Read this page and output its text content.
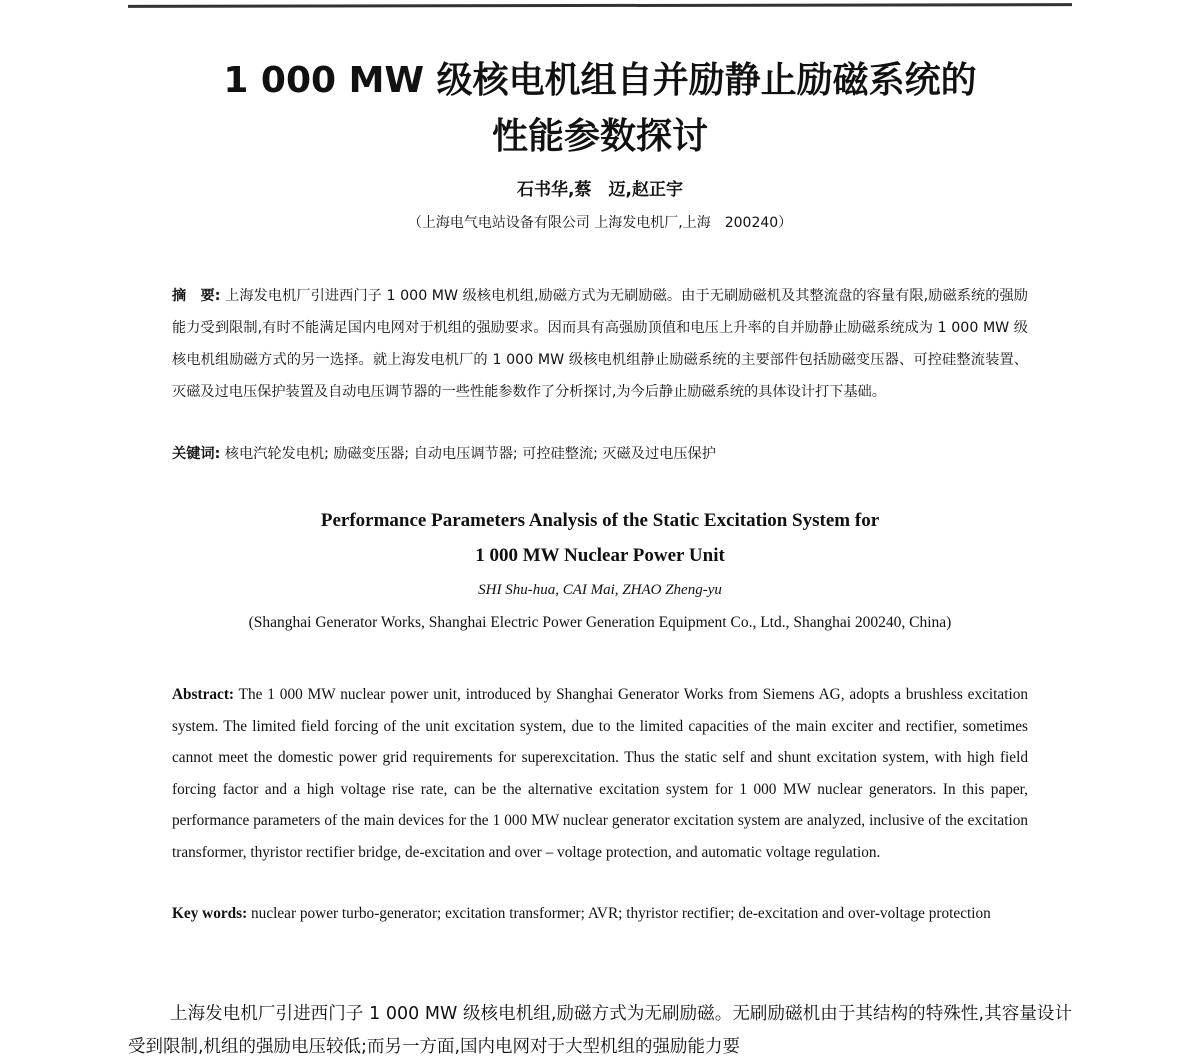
1 000 MW 级核电机组自并励静止励磁系统的
性能参数探讨
石书华,蔡　迈,赵正宇
（上海电气电站设备有限公司 上海发电机厂,上海　200240）
摘　要: 上海发电机厂引进西门子 1 000 MW 级核电机组,励磁方式为无刷励磁。由于无刷励磁机及其整流盘的容量有限,励磁系统的强励能力受到限制,有时不能满足国内电网对于机组的强励要求。因而具有高强励顶值和电压上升率的自并励静止励磁系统成为 1 000 MW 级核电机组励磁方式的另一选择。就上海发电机厂的 1 000 MW 级核电机组静止励磁系统的主要部件包括励磁变压器、可控硅整流装置、灭磁及过电压保护装置及自动电压调节器的一些性能参数作了分析探讨,为今后静止励磁系统的具体设计打下基础。
关键词: 核电汽轮发电机; 励磁变压器; 自动电压调节器; 可控硅整流; 灭磁及过电压保护
Performance Parameters Analysis of the Static Excitation System for
1 000 MW Nuclear Power Unit
SHI Shu-hua, CAI Mai, ZHAO Zheng-yu
(Shanghai Generator Works, Shanghai Electric Power Generation Equipment Co., Ltd., Shanghai 200240, China)
Abstract: The 1 000 MW nuclear power unit, introduced by Shanghai Generator Works from Siemens AG, adopts a brushless excitation system. The limited field forcing of the unit excitation system, due to the limited capacities of the main exciter and rectifier, sometimes cannot meet the domestic power grid requirements for superexcitation. Thus the static self and shunt excitation system, with high field forcing factor and a high voltage rise rate, can be the alternative excitation system for 1 000 MW nuclear generators. In this paper, performance parameters of the main devices for the 1 000 MW nuclear generator excitation system are analyzed, inclusive of the excitation transformer, thyristor rectifier bridge, de-excitation and over – voltage protection, and automatic voltage regulation.
Key words: nuclear power turbo-generator; excitation transformer; AVR; thyristor rectifier; de-excitation and over-voltage protection
上海发电机厂引进西门子 1 000 MW 级核电机组,励磁方式为无刷励磁。无刷励磁机由于其结构的特殊性,其容量设计受到限制,机组的强励电压较低;而另一方面,国内电网对于大型机组的强励能力要
